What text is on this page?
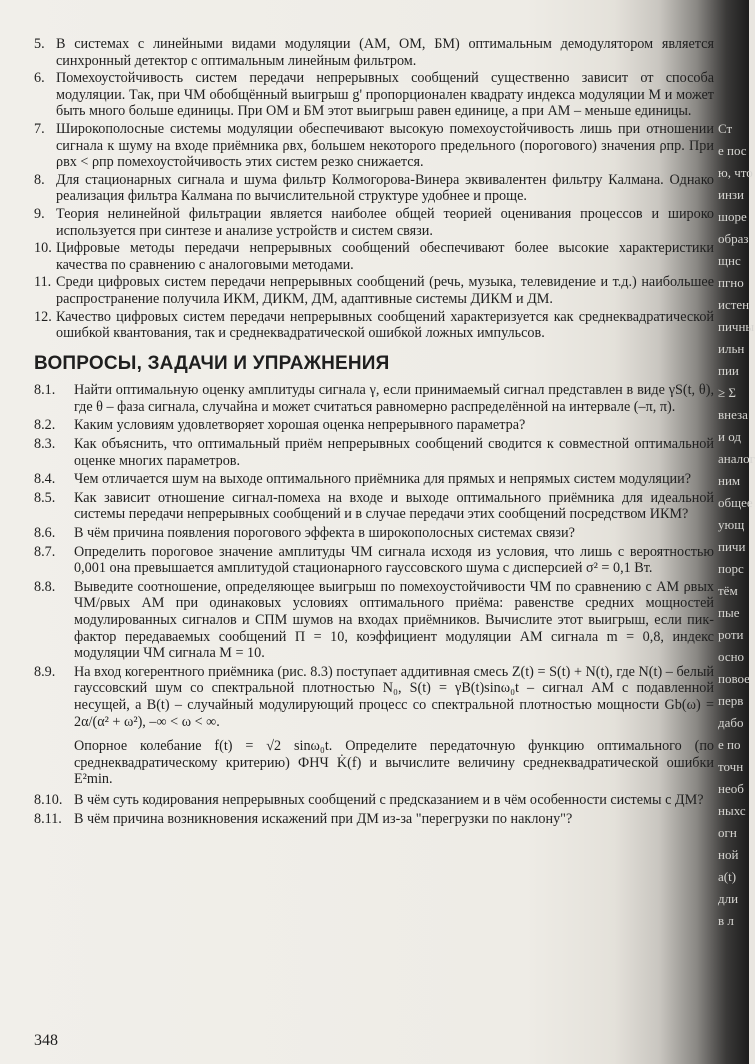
5. В системах с линейными видами модуляции (АМ, ОМ, БМ) оптимальным демодулятором является синхронный детектор с оптимальным линейным фильтром.
6. Помехоустойчивость систем передачи непрерывных сообщений существенно зависит от способа модуляции. Так, при ЧМ обобщённый выигрыш g' пропорционален квадрату индекса модуляции М и может быть много больше единицы. При ОМ и БМ этот выигрыш равен единице, а при АМ – меньше единицы.
7. Широкополосные системы модуляции обеспечивают высокую помехоустойчивость лишь при отношении сигнала к шуму на входе приёмника ρвх, большем некоторого предельного (порогового) значения ρпр. При ρвх < ρпр помехоустойчивость этих систем резко снижается.
8. Для стационарных сигнала и шума фильтр Колмогорова-Винера эквивалентен фильтру Калмана. Однако реализация фильтра Калмана по вычислительной структуре удобнее и проще.
9. Теория нелинейной фильтрации является наиболее общей теорией оценивания процессов и широко используется при синтезе и анализе устройств и систем связи.
10. Цифровые методы передачи непрерывных сообщений обеспечивают более высокие характеристики качества по сравнению с аналоговыми методами.
11. Среди цифровых систем передачи непрерывных сообщений (речь, музыка, телевидение и т.д.) наибольшее распространение получила ИКМ, ДИКМ, ДМ, адаптивные системы ДИКМ и ДМ.
12. Качество цифровых систем передачи непрерывных сообщений характеризуется как среднеквадратической ошибкой квантования, так и среднеквадратической ошибкой ложных импульсов.
ВОПРОСЫ, ЗАДАЧИ И УПРАЖНЕНИЯ
8.1.	Найти оптимальную оценку амплитуды сигнала γ, если принимаемый сигнал представлен в виде γS(t, θ), где θ – фаза сигнала, случайна и может считаться равномерно распределённой на интервале (–π, π).
8.2.	Каким условиям удовлетворяет хорошая оценка непрерывного параметра?
8.3.	Как объяснить, что оптимальный приём непрерывных сообщений сводится к совместной оптимальной оценке многих параметров.
8.4.	Чем отличается шум на выходе оптимального приёмника для прямых и непрямых систем модуляции?
8.5.	Как зависит отношение сигнал-помеха на входе и выходе оптимального приёмника для идеальной системы передачи непрерывных сообщений и в случае передачи этих сообщений посредством ИКМ?
8.6.	В чём причина появления порогового эффекта в широкополосных системах связи?
8.7.	Определить пороговое значение амплитуды ЧМ сигнала исходя из условия, что лишь с вероятностью 0,001 она превышается амплитудой стационарного гауссовского шума с дисперсией σ² = 0,1 Вт.
8.8.	Выведите соотношение, определяющее выигрыш по помехоустойчивости ЧМ по сравнению с АМ ρвых ЧМ/ρвых АМ при одинаковых условиях оптимального приёма: равенстве средних мощностей модулированных сигналов и СПМ шумов на входах приёмников. Вычислите этот выигрыш, если пик-фактор передаваемых сообщений П = 10, коэффициент модуляции АМ сигнала m = 0,8, индекс модуляции ЧМ сигнала M = 10.
8.9.	На вход когерентного приёмника (рис. 8.3) поступает аддитивная смесь Z(t) = S(t) + N(t), где N(t) – белый гауссовский шум со спектральной плотностью N₀, S(t) = γB(t)sinω₀t – сигнал АМ с подавленной несущей, а B(t) – случайный модулирующий процесс со спектральной плотностью мощности Gb(ω) = 2α/(α² + ω²), –∞ < ω < ∞.
Опорное колебание f(t) = √2 sinω₀t. Определите передаточную функцию оптимального (по среднеквадратическому критерию) ФНЧ K̇(f) и вычислите величину среднеквадратической ошибки E²min.
8.10. В чём суть кодирования непрерывных сообщений с предсказанием и в чём особенности системы с ДМ?
8.11. В чём причина возникновения искажений при ДМ из-за "перегрузки по наклону"?
348
Ст
е пос
ю, что
инзи
шоре
образ
щнс
пгно
истен
пичны
ильн
пии
≥ Σ
внеза
и од
аналог
ним
общее
ующ
пичи
порс
тём
пые
роти
осно
повое
перв
дабо
е по
точн
необ
ныхс
огн
ной
а(t)
дли
в л
